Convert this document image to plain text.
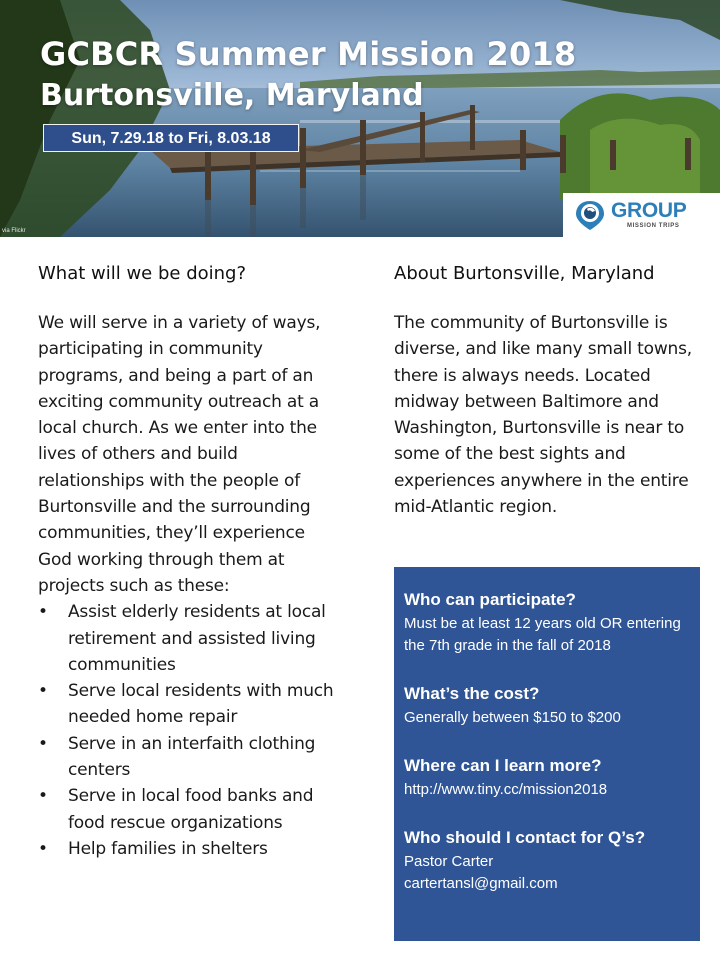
GCBCR Summer Mission 2018
Burtonsville, Maryland
Sun, 7.29.18 to Fri, 8.03.18
GROUP
MISSION TRIPS
via Flickr
What will we be doing?

We will serve in a variety of ways, participating in community programs, and being a part of an exciting community outreach at a local church. As we enter into the lives of others and build relationships with the people of Burtonsville and the surrounding communities, they’ll experience God working through them at projects such as these:

• Assist elderly residents at local retirement and assisted living communities
• Serve local residents with much needed home repair
• Serve in an interfaith clothing centers
• Serve in local food banks and food rescue organizations
• Help families in shelters
About Burtonsville, Maryland

The community of Burtonsville is diverse, and like many small towns, there is always needs. Located midway between Baltimore and Washington, Burtonsville is near to some of the best sights and experiences anywhere in the entire mid-Atlantic region.

Who can participate?

Must be at least 12 years old OR entering the 7th grade in the fall of 2018

What’s the cost?

Generally between $150 to $200

Where can I learn more?

http://www.tiny.cc/mission2018

Who should I contact for Q’s?

Pastor Carter

cartertansl@gmail.com
